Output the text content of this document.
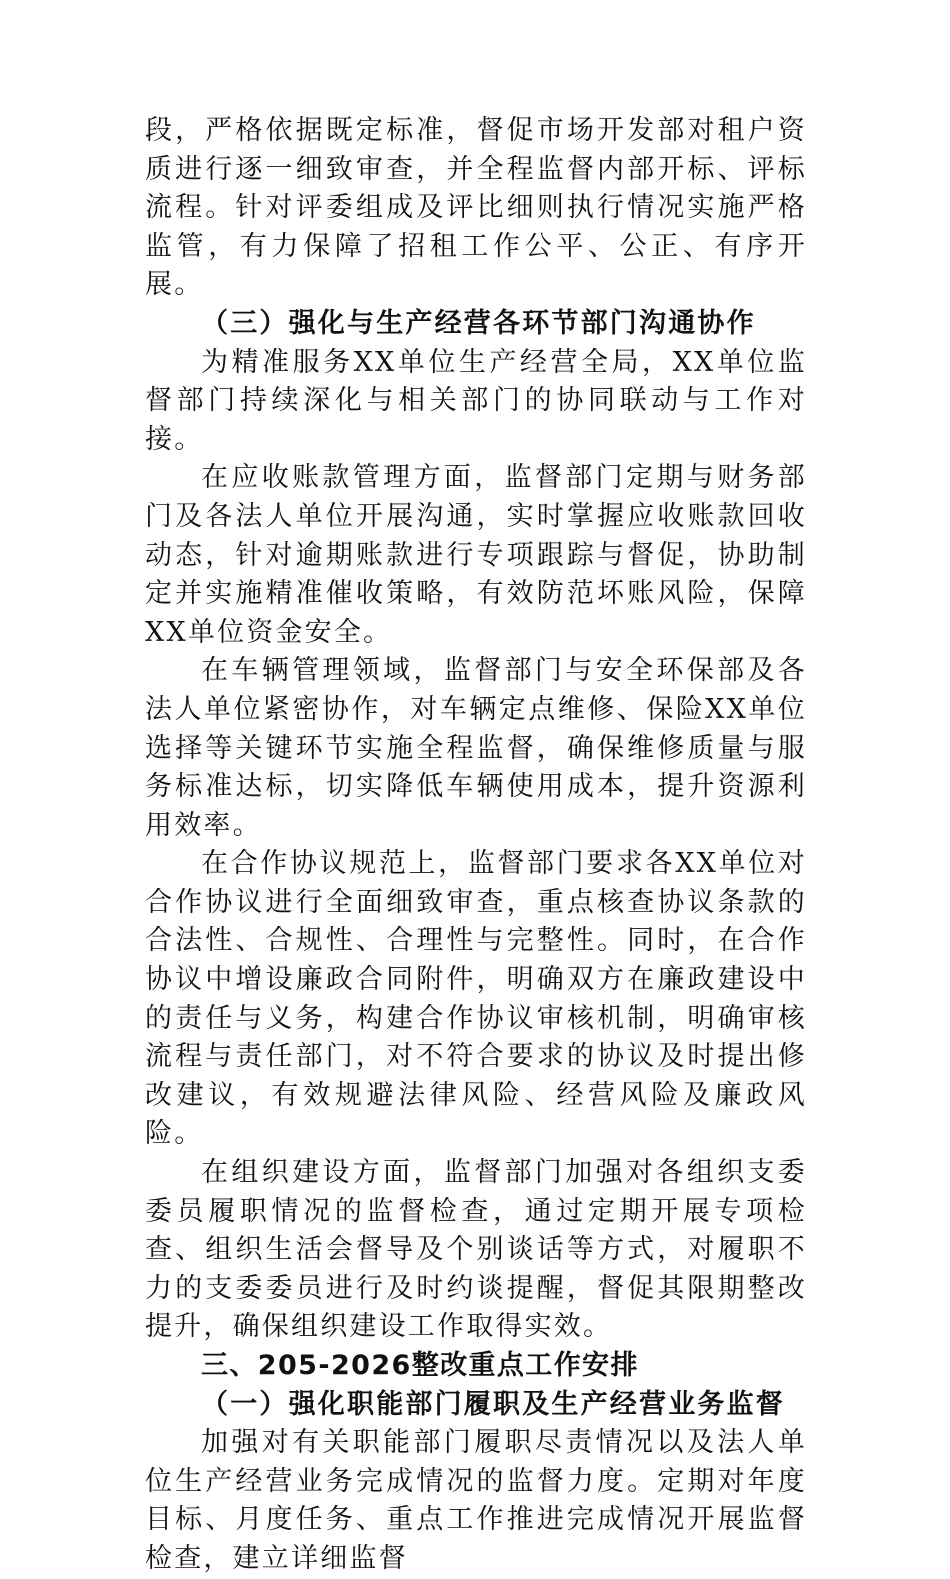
段，严格依据既定标准，督促市场开发部对租户资质进行逐一细致审查，并全程监督内部开标、评标流程。针对评委组成及评比细则执行情况实施严格监管，有力保障了招租工作公平、公正、有序开展。

（三）强化与生产经营各环节部门沟通协作

为精准服务XX单位生产经营全局，XX单位监督部门持续深化与相关部门的协同联动与工作对接。

在应收账款管理方面，监督部门定期与财务部门及各法人单位开展沟通，实时掌握应收账款回收动态，针对逾期账款进行专项跟踪与督促，协助制定并实施精准催收策略，有效防范坏账风险，保障XX单位资金安全。

在车辆管理领域，监督部门与安全环保部及各法人单位紧密协作，对车辆定点维修、保险XX单位选择等关键环节实施全程监督，确保维修质量与服务标准达标，切实降低车辆使用成本，提升资源利用效率。

在合作协议规范上，监督部门要求各XX单位对合作协议进行全面细致审查，重点核查协议条款的合法性、合规性、合理性与完整性。同时，在合作协议中增设廉政合同附件，明确双方在廉政建设中的责任与义务，构建合作协议审核机制，明确审核流程与责任部门，对不符合要求的协议及时提出修改建议，有效规避法律风险、经营风险及廉政风险。

在组织建设方面，监督部门加强对各组织支委委员履职情况的监督检查，通过定期开展专项检查、组织生活会督导及个别谈话等方式，对履职不力的支委委员进行及时约谈提醒，督促其限期整改提升，确保组织建设工作取得实效。

三、205-2026整改重点工作安排

（一）强化职能部门履职及生产经营业务监督

加强对有关职能部门履职尽责情况以及法人单位生产经营业务完成情况的监督力度。定期对年度目标、月度任务、重点工作推进完成情况开展监督检查，建立详细监督
